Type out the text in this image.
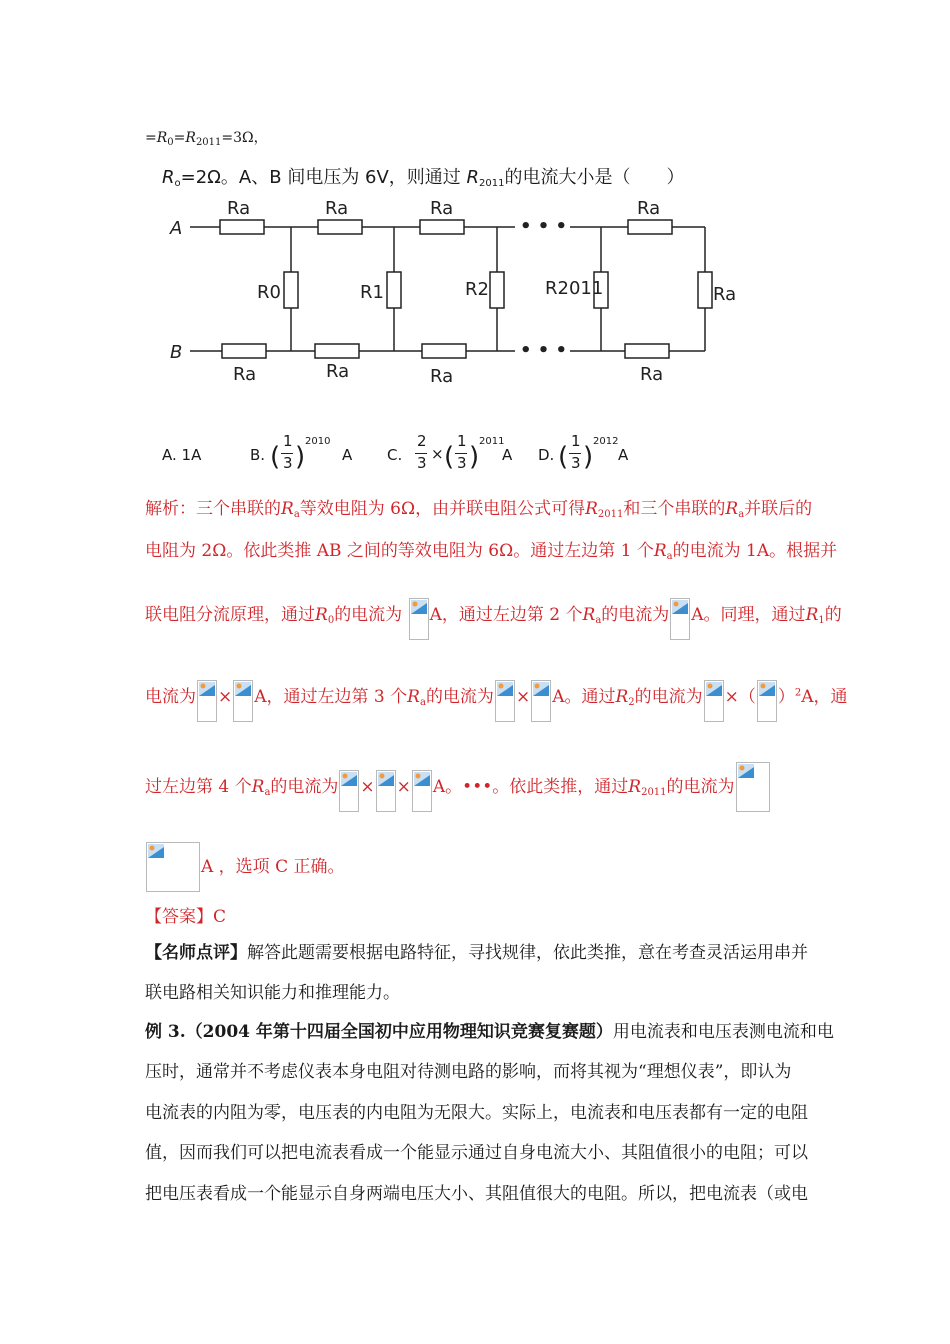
$=R_0=R_{2011}=3\Omega$，
$R_o=2\Omega$。A、B 间电压为 6V，则通过 $R_{2011}$的电流大小是（　　）
A
B
Ra	Ra	Ra	Ra
Ra	Ra	Ra	Ra
R0	R1	R2	R2011	Ra
• • •
• • •
A. 1A	B. (
1
3 )
2010
A C.
2
3 × (
1
3 )
2011
A D. (
1
3 )
2012
A
解析：三个串联的$R_a$等效电阻为 6Ω，由并联电阻公式可得$R_{2011}$和三个串联的$R_a$并联后的
电阻为 2Ω。依此类推 AB 之间的等效电阻为 6Ω。通过左边第 1 个$R_a$的电流为 1A。根据并
联电阻分流原理，通过$R_0$的电流为 A，通过左边第 2 个$R_a$的电流为 A。同理，通过$R_1$的
电流为 × A，通过左边第 3 个$R_a$的电流为 × A。通过$R_2$的电流为 ×（ ）$^2$A，通
过左边第 4 个$R_a$的电流为 × × A。•••。依此类推，通过$R_{2011}$的电流为
A ，选项 C 正确。
【答案】C
【名师点评】解答此题需要根据电路特征，寻找规律，依此类推，意在考查灵活运用串并
联电路相关知识能力和推理能力。
例 3.（2004 年第十四届全国初中应用物理知识竞赛复赛题）用电流表和电压表测电流和电
压时，通常并不考虑仪表本身电阻对待测电路的影响，而将其视为“理想仪表”，即认为
电流表的内阻为零，电压表的内电阻为无限大。实际上，电流表和电压表都有一定的电阻
值，因而我们可以把电流表看成一个能显示通过自身电流大小、其阻值很小的电阻；可以
把电压表看成一个能显示自身两端电压大小、其阻值很大的电阻。所以，把电流表（或电
